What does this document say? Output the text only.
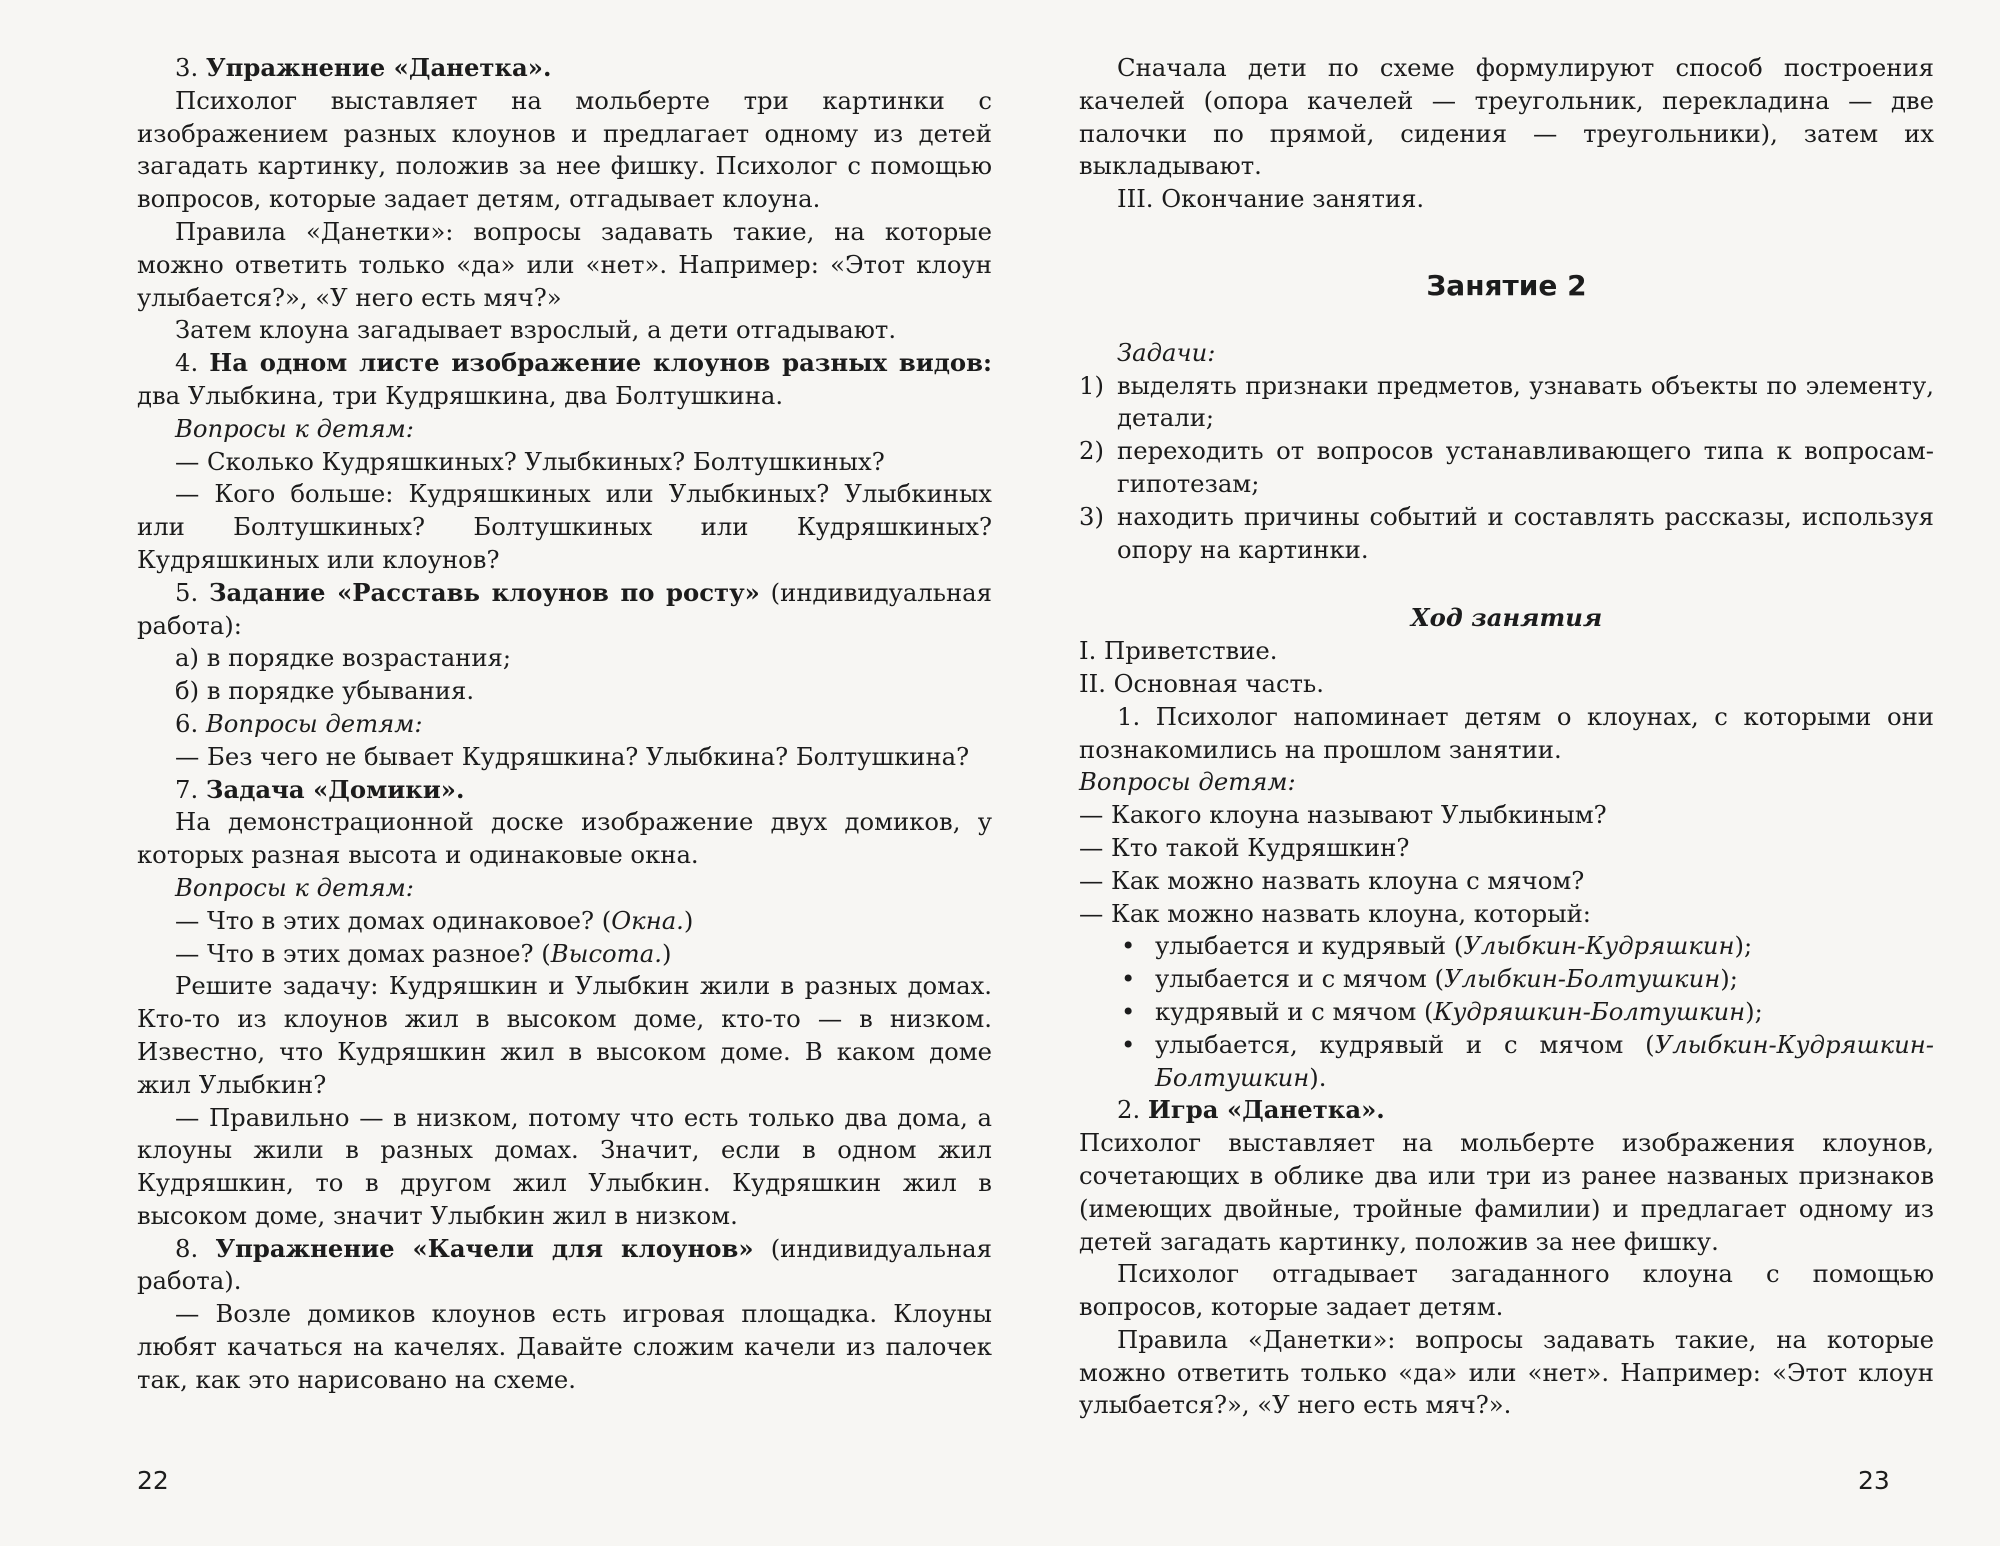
3. Упражнение «Данетка».

Психолог выставляет на мольберте три картинки с изображением разных клоунов и предлагает одному из детей загадать картинку, положив за нее фишку. Психолог с помощью вопросов, которые задает детям, отгадывает клоуна.

Правила «Данетки»: вопросы задавать такие, на которые можно ответить только «да» или «нет». Например: «Этот клоун улыбается?», «У него есть мяч?»

Затем клоуна загадывает взрослый, а дети отгадывают.

4. На одном листе изображение клоунов разных видов: два Улыбкина, три Кудряшкина, два Болтушкина.

Вопросы к детям:

— Сколько Кудряшкиных? Улыбкиных? Болтушкиных?

— Кого больше: Кудряшкиных или Улыбкиных? Улыбкиных или Болтушкиных? Болтушкиных или Кудряшкиных? Кудряшкиных или клоунов?

5. Задание «Расставь клоунов по росту» (индивидуальная работа):

а) в порядке возрастания;

б) в порядке убывания.

6. Вопросы детям:

— Без чего не бывает Кудряшкина? Улыбкина? Болтушкина?

7. Задача «Домики».

На демонстрационной доске изображение двух домиков, у которых разная высота и одинаковые окна.

Вопросы к детям:

— Что в этих домах одинаковое? (Окна.)

— Что в этих домах разное? (Высота.)

Решите задачу: Кудряшкин и Улыбкин жили в разных домах. Кто-то из клоунов жил в высоком доме, кто-то — в низком. Известно, что Кудряшкин жил в высоком доме. В каком доме жил Улыбкин?

— Правильно — в низком, потому что есть только два дома, а клоуны жили в разных домах. Значит, если в одном жил Кудряшкин, то в другом жил Улыбкин. Кудряшкин жил в высоком доме, значит Улыбкин жил в низком.

8. Упражнение «Качели для клоунов» (индивидуальная работа).

— Возле домиков клоунов есть игровая площадка. Клоуны любят качаться на качелях. Давайте сложим качели из палочек так, как это нарисовано на схеме.

Сначала дети по схеме формулируют способ построения качелей (опора качелей — треугольник, перекладина — две палочки по прямой, сидения — треугольники), затем их выкладывают.

III. Окончание занятия.

Занятие 2

Задачи:

1) выделять признаки предметов, узнавать объекты по элементу, детали;
2) переходить от вопросов устанавливающего типа к вопросам-гипотезам;
3) находить причины событий и составлять рассказы, используя опору на картинки.

Ход занятия

I. Приветствие.

II. Основная часть.

1. Психолог напоминает детям о клоунах, с которыми они познакомились на прошлом занятии.

Вопросы детям:

— Какого клоуна называют Улыбкиным?

— Кто такой Кудряшкин?

— Как можно назвать клоуна с мячом?

— Как можно назвать клоуна, который:

• улыбается и кудрявый (Улыбкин-Кудряшкин);
• улыбается и с мячом (Улыбкин-Болтушкин);
• кудрявый и с мячом (Кудряшкин-Болтушкин);
• улыбается, кудрявый и с мячом (Улыбкин-Кудряшкин-Болтушкин).

2. Игра «Данетка».

Психолог выставляет на мольберте изображения клоунов, сочетающих в облике два или три из ранее названых признаков (имеющих двойные, тройные фамилии) и предлагает одному из детей загадать картинку, положив за нее фишку.

Психолог отгадывает загаданного клоуна с помощью вопросов, которые задает детям.

Правила «Данетки»: вопросы задавать такие, на которые можно ответить только «да» или «нет». Например: «Этот клоун улыбается?», «У него есть мяч?».

22	23
